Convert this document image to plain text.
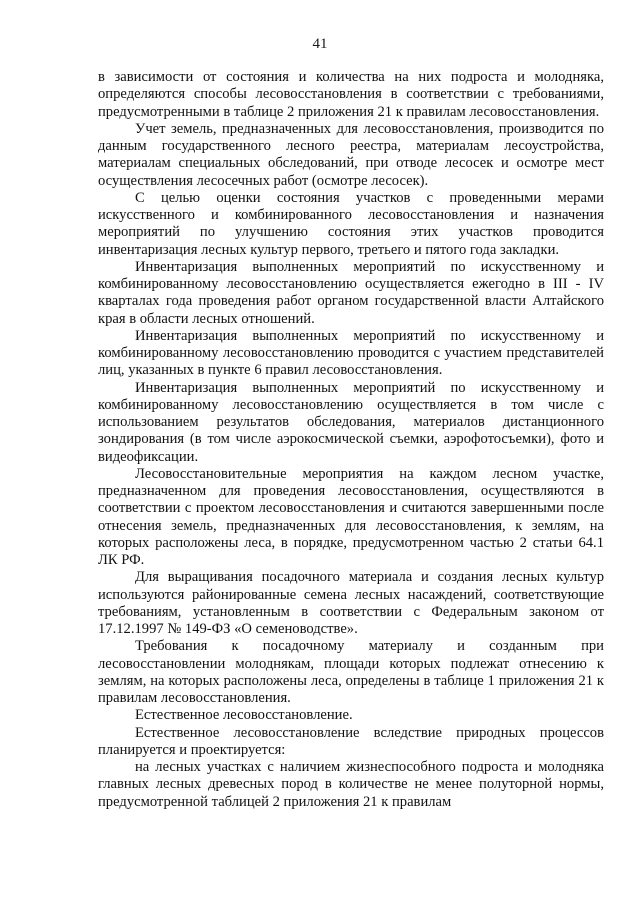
41

в зависимости от состояния и количества на них подроста и молодняка, определяются способы лесовосстановления в соответствии с требованиями, предусмотренными в таблице 2 приложения 21 к правилам лесовосстановления.

Учет земель, предназначенных для лесовосстановления, производится по данным государственного лесного реестра, материалам лесоустройства, материалам специальных обследований, при отводе лесосек и осмотре мест осуществления лесосечных работ (осмотре лесосек).

С целью оценки состояния участков с проведенными мерами искусственного и комбинированного лесовосстановления и назначения мероприятий по улучшению состояния этих участков проводится инвентаризация лесных культур первого, третьего и пятого года закладки.

Инвентаризация выполненных мероприятий по искусственному и комбинированному лесовосстановлению осуществляется ежегодно в III - IV кварталах года проведения работ органом государственной власти Алтайского края в области лесных отношений.

Инвентаризация выполненных мероприятий по искусственному и комбинированному лесовосстановлению проводится с участием представителей лиц, указанных в пункте 6 правил лесовосстановления.

Инвентаризация выполненных мероприятий по искусственному и комбинированному лесовосстановлению осуществляется в том числе с использованием результатов обследования, материалов дистанционного зондирования (в том числе аэрокосмической съемки, аэрофотосъемки), фото и видеофиксации.

Лесовосстановительные мероприятия на каждом лесном участке, предназначенном для проведения лесовосстановления, осуществляются в соответствии с проектом лесовосстановления и считаются завершенными после отнесения земель, предназначенных для лесовосстановления, к землям, на которых расположены леса, в порядке, предусмотренном частью 2 статьи 64.1 ЛК РФ.

Для выращивания посадочного материала и создания лесных культур используются районированные семена лесных насаждений, соответствующие требованиям, установленным в соответствии с Федеральным законом от 17.12.1997 № 149-ФЗ «О семеноводстве».

Требования к посадочному материалу и созданным при лесовосстановлении молоднякам, площади которых подлежат отнесению к землям, на которых расположены леса, определены в таблице 1 приложения 21 к правилам лесовосстановления.

Естественное лесовосстановление.

Естественное лесовосстановление вследствие природных процессов планируется и проектируется:

на лесных участках с наличием жизнеспособного подроста и молодняка главных лесных древесных пород в количестве не менее полуторной нормы, предусмотренной таблицей 2 приложения 21 к правилам
